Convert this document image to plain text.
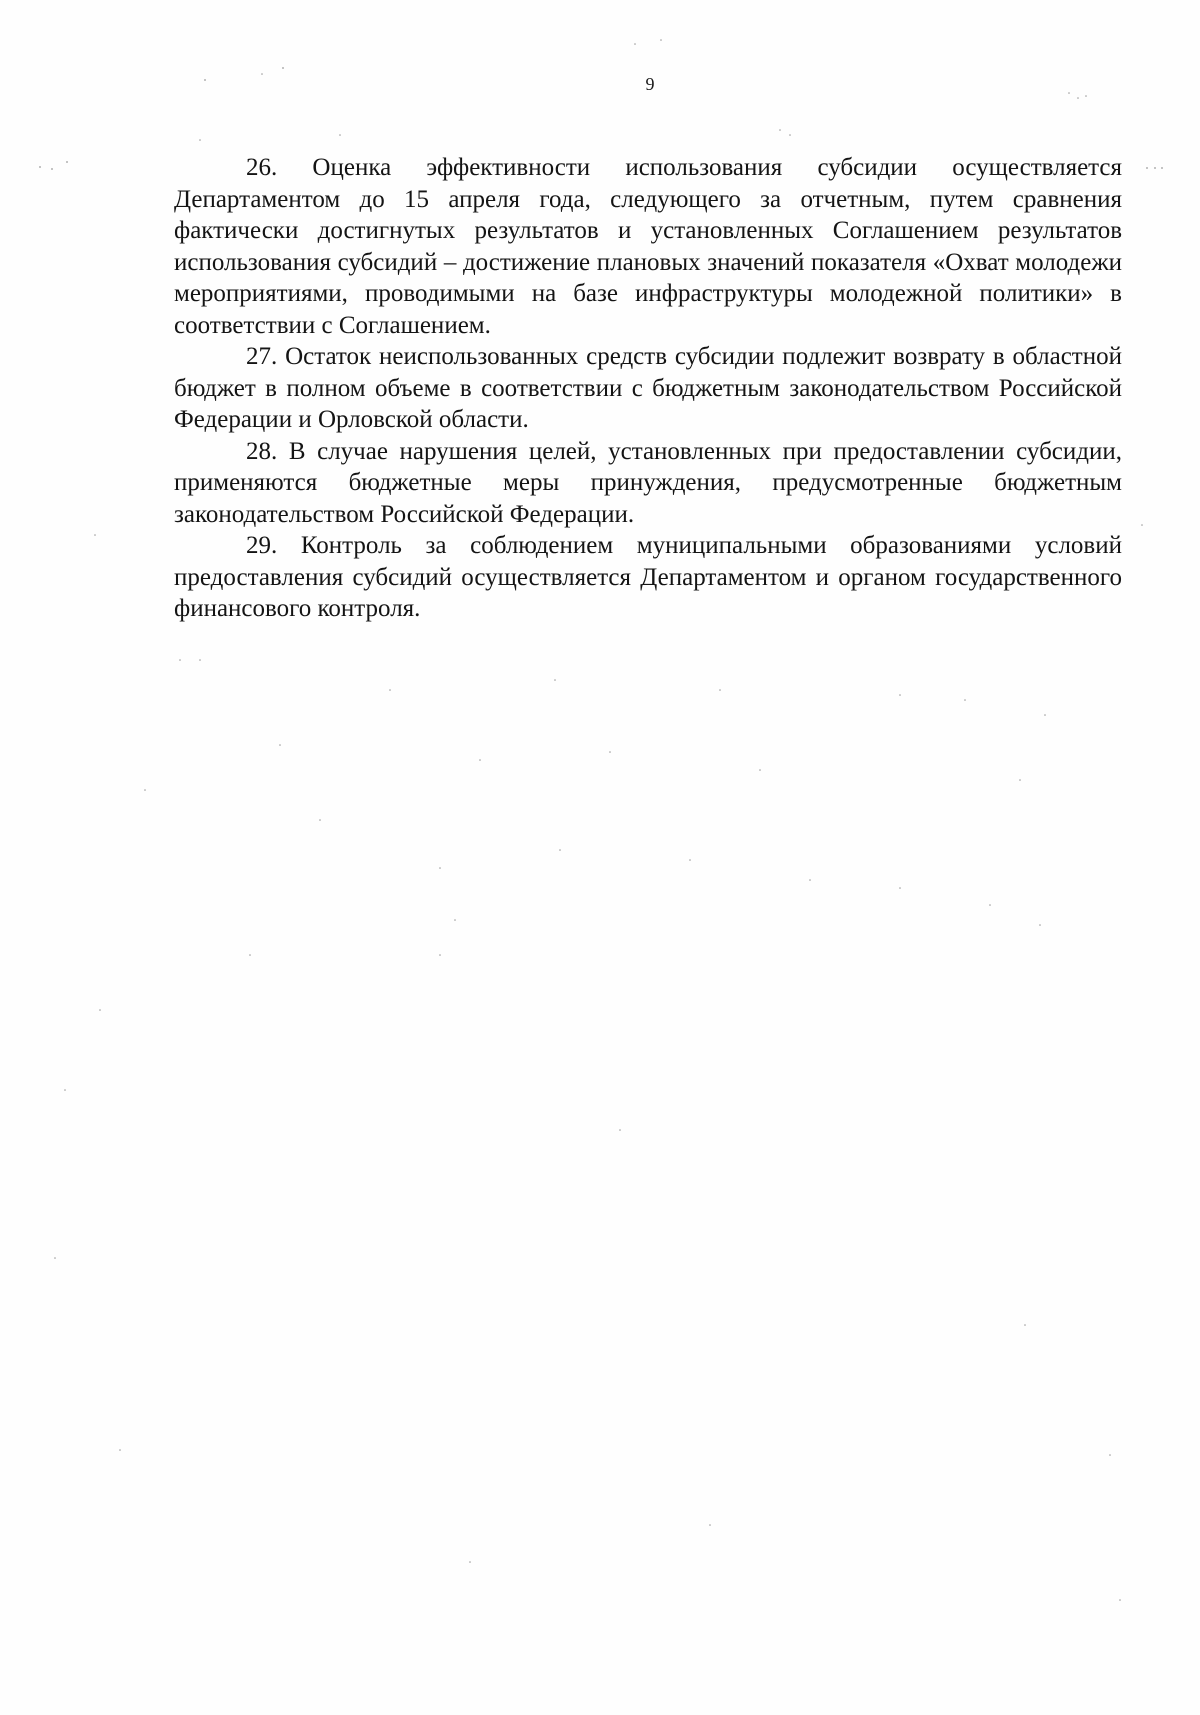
9

26. Оценка эффективности использования субсидии осуществляется Департаментом до 15 апреля года, следующего за отчетным, путем сравнения фактически достигнутых результатов и установленных Соглашением результатов использования субсидий – достижение плановых значений показателя «Охват молодежи мероприятиями, проводимыми на базе инфраструктуры молодежной политики» в соответствии с Соглашением.

27. Остаток неиспользованных средств субсидии подлежит возврату в областной бюджет в полном объеме в соответствии с бюджетным законодательством Российской Федерации и Орловской области.

28. В случае нарушения целей, установленных при предоставлении субсидии, применяются бюджетные меры принуждения, предусмотренные бюджетным законодательством Российской Федерации.

29. Контроль за соблюдением муниципальными образованиями условий предоставления субсидий осуществляется Департаментом и органом государственного финансового контроля.
